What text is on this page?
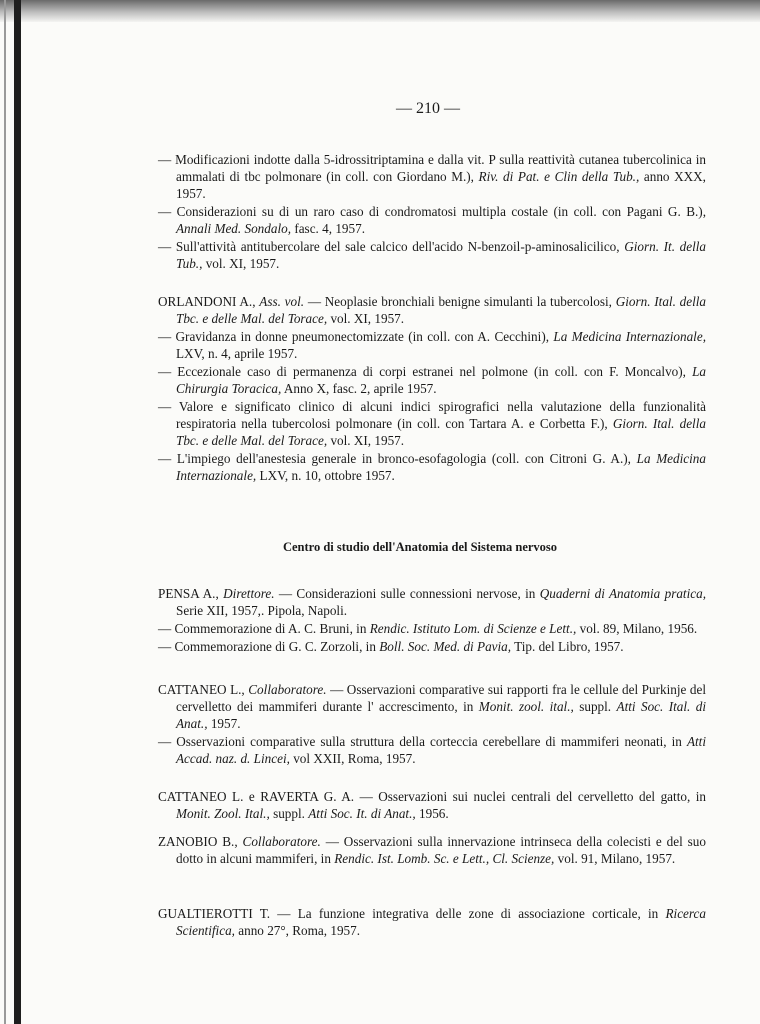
— 210 —
— Modificazioni indotte dalla 5-idrossitriptamina e dalla vit. P sulla reattività cutanea tubercolinica in ammalati di tbc polmonare (in coll. con Giordano M.), Riv. di Pat. e Clin della Tub., anno XXX, 1957.
— Considerazioni su di un raro caso di condromatosi multipla costale (in coll. con Pagani G. B.), Annali Med. Sondalo, fasc. 4, 1957.
— Sull'attività antitubercolare del sale calcico dell'acido N-benzoil-p-aminosalicilico, Giorn. It. della Tub., vol. XI, 1957.
ORLANDONI A., Ass. vol. — Neoplasie bronchiali benigne simulanti la tubercolosi, Giorn. Ital. della Tbc. e delle Mal. del Torace, vol. XI, 1957.
— Gravidanza in donne pneumonectomizzate (in coll. con A. Cecchini), La Medicina Internazionale, LXV, n. 4, aprile 1957.
— Eccezionale caso di permanenza di corpi estranei nel polmone (in coll. con F. Moncalvo), La Chirurgia Toracica, Anno X, fasc. 2, aprile 1957.
— Valore e significato clinico di alcuni indici spirografici nella valutazione della funzionalità respiratoria nella tubercolosi polmonare (in coll. con Tartara A. e Corbetta F.), Giorn. Ital. della Tbc. e delle Mal. del Torace, vol. XI, 1957.
— L'impiego dell'anestesia generale in bronco-esofagologia (coll. con Citroni G. A.), La Medicina Internazionale, LXV, n. 10, ottobre 1957.
Centro di studio dell'Anatomia del Sistema nervoso
PENSA A., Direttore. — Considerazioni sulle connessioni nervose, in Quaderni di Anatomia pratica, Serie XII, 1957,. Pipola, Napoli.
— Commemorazione di A. C. Bruni, in Rendic. Istituto Lom. di Scienze e Lett., vol. 89, Milano, 1956.
— Commemorazione di G. C. Zorzoli, in Boll. Soc. Med. di Pavia, Tip. del Libro, 1957.
CATTANEO L., Collaboratore. — Osservazioni comparative sui rapporti fra le cellule del Purkinje del cervelletto dei mammiferi durante l' accrescimento, in Monit. zool. ital., suppl. Atti Soc. Ital. di Anat., 1957.
— Osservazioni comparative sulla struttura della corteccia cerebellare di mammiferi neonati, in Atti Accad. naz. d. Lincei, vol XXII, Roma, 1957.
CATTANEO L. e RAVERTA G. A. — Osservazioni sui nuclei centrali del cervelletto del gatto, in Monit. Zool. Ital., suppl. Atti Soc. It. di Anat., 1956.
ZANOBIO B., Collaboratore. — Osservazioni sulla innervazione intrinseca della colecisti e del suo dotto in alcuni mammiferi, in Rendic. Ist. Lomb. Sc. e Lett., Cl. Scienze, vol. 91, Milano, 1957.
GUALTIEROTTI T. — La funzione integrativa delle zone di associazione corticale, in Ricerca Scientifica, anno 27°, Roma, 1957.
